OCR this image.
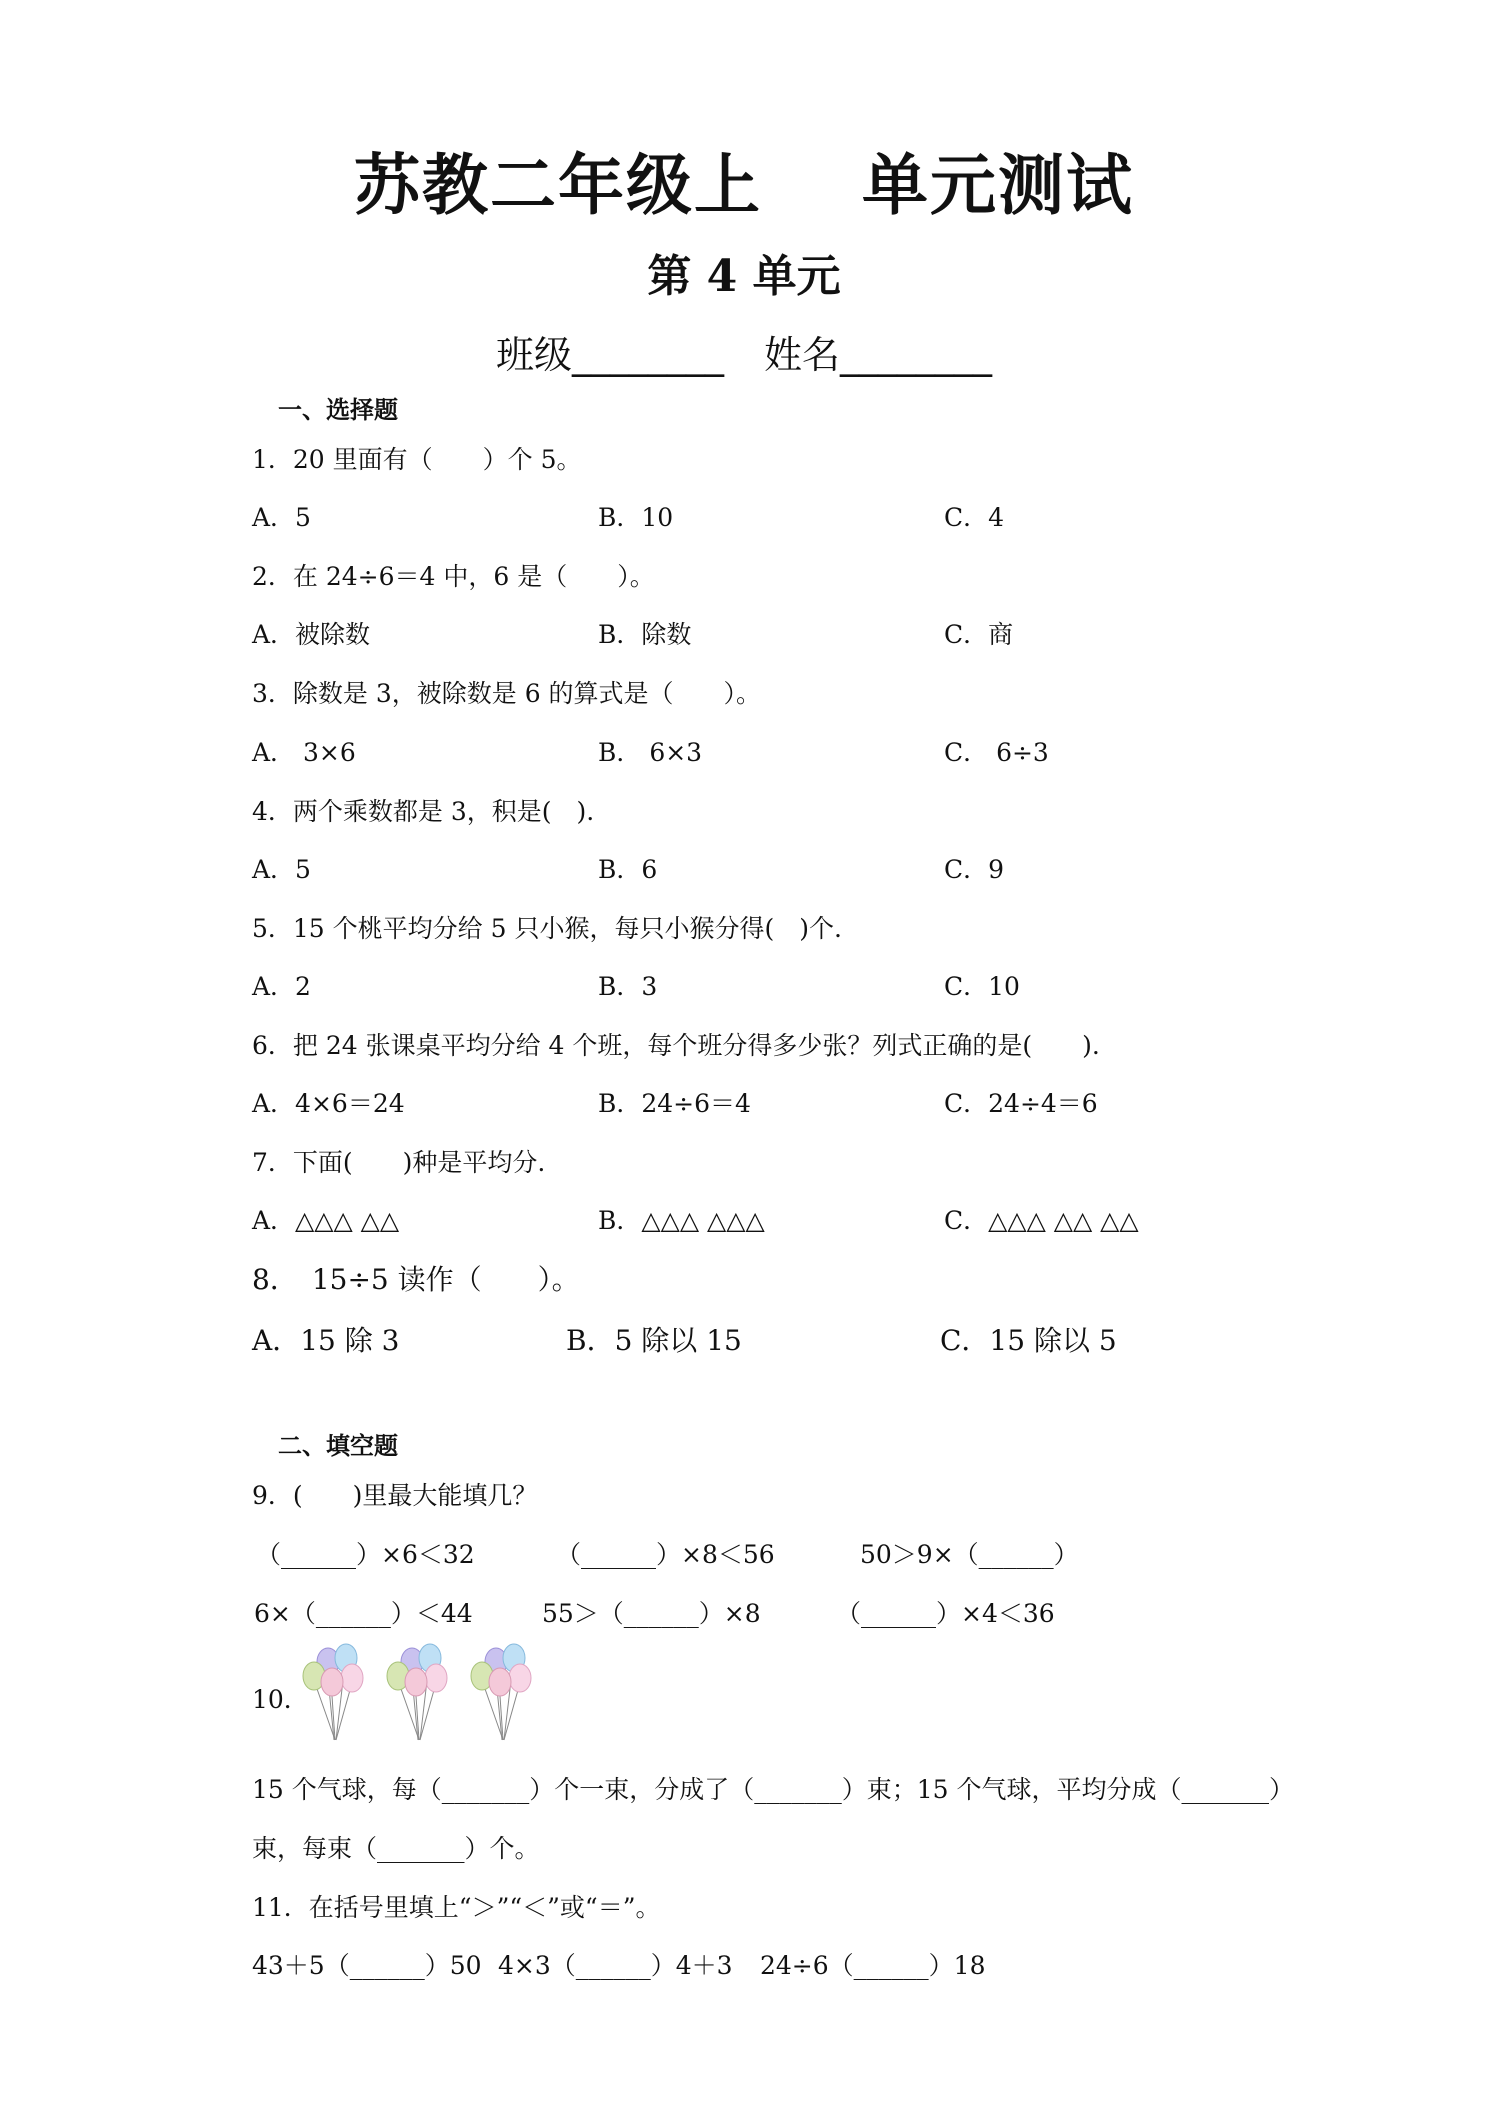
苏教二年级上 单元测试
第 4 单元
班级________ 姓名________
一、选择题
1．20 里面有（　　）个 5。
A．5	B．10	C．4
2．在 24÷6＝4 中，6 是（　　）。
A．被除数	B．除数	C．商
3．除数是 3，被除数是 6 的算式是（　　）。
A． 3×6	B． 6×3	C． 6÷3
4．两个乘数都是 3，积是(　).
A．5	B．6	C．9
5．15 个桃平均分给 5 只小猴，每只小猴分得(　)个.
A．2	B．3	C．10
6．把 24 张课桌平均分给 4 个班，每个班分得多少张？列式正确的是(　　).
A．4×6＝24	B．24÷6＝4	C．24÷4＝6
7．下面(　　)种是平均分.
A．△△△ △△	B．△△△ △△△	C．△△△ △△ △△
8．　15÷5 读作（　　）。
A．15 除 3	B．5 除以 15	C．15 除以 5
二、填空题
9．(　　)里最大能填几？
（______）×6＜32	（______）×8＜56	50＞9×（______）
6×（______）＜44	55＞（______）×8	（______）×4＜36
10．
15 个气球，每（_______）个一束，分成了（_______）束；15 个气球，平均分成（_______）
束，每束（_______）个。
11．在括号里填上“＞”“＜”或“＝”。
43＋5（______）50 4×3（______）4＋3 24÷6（______）18
